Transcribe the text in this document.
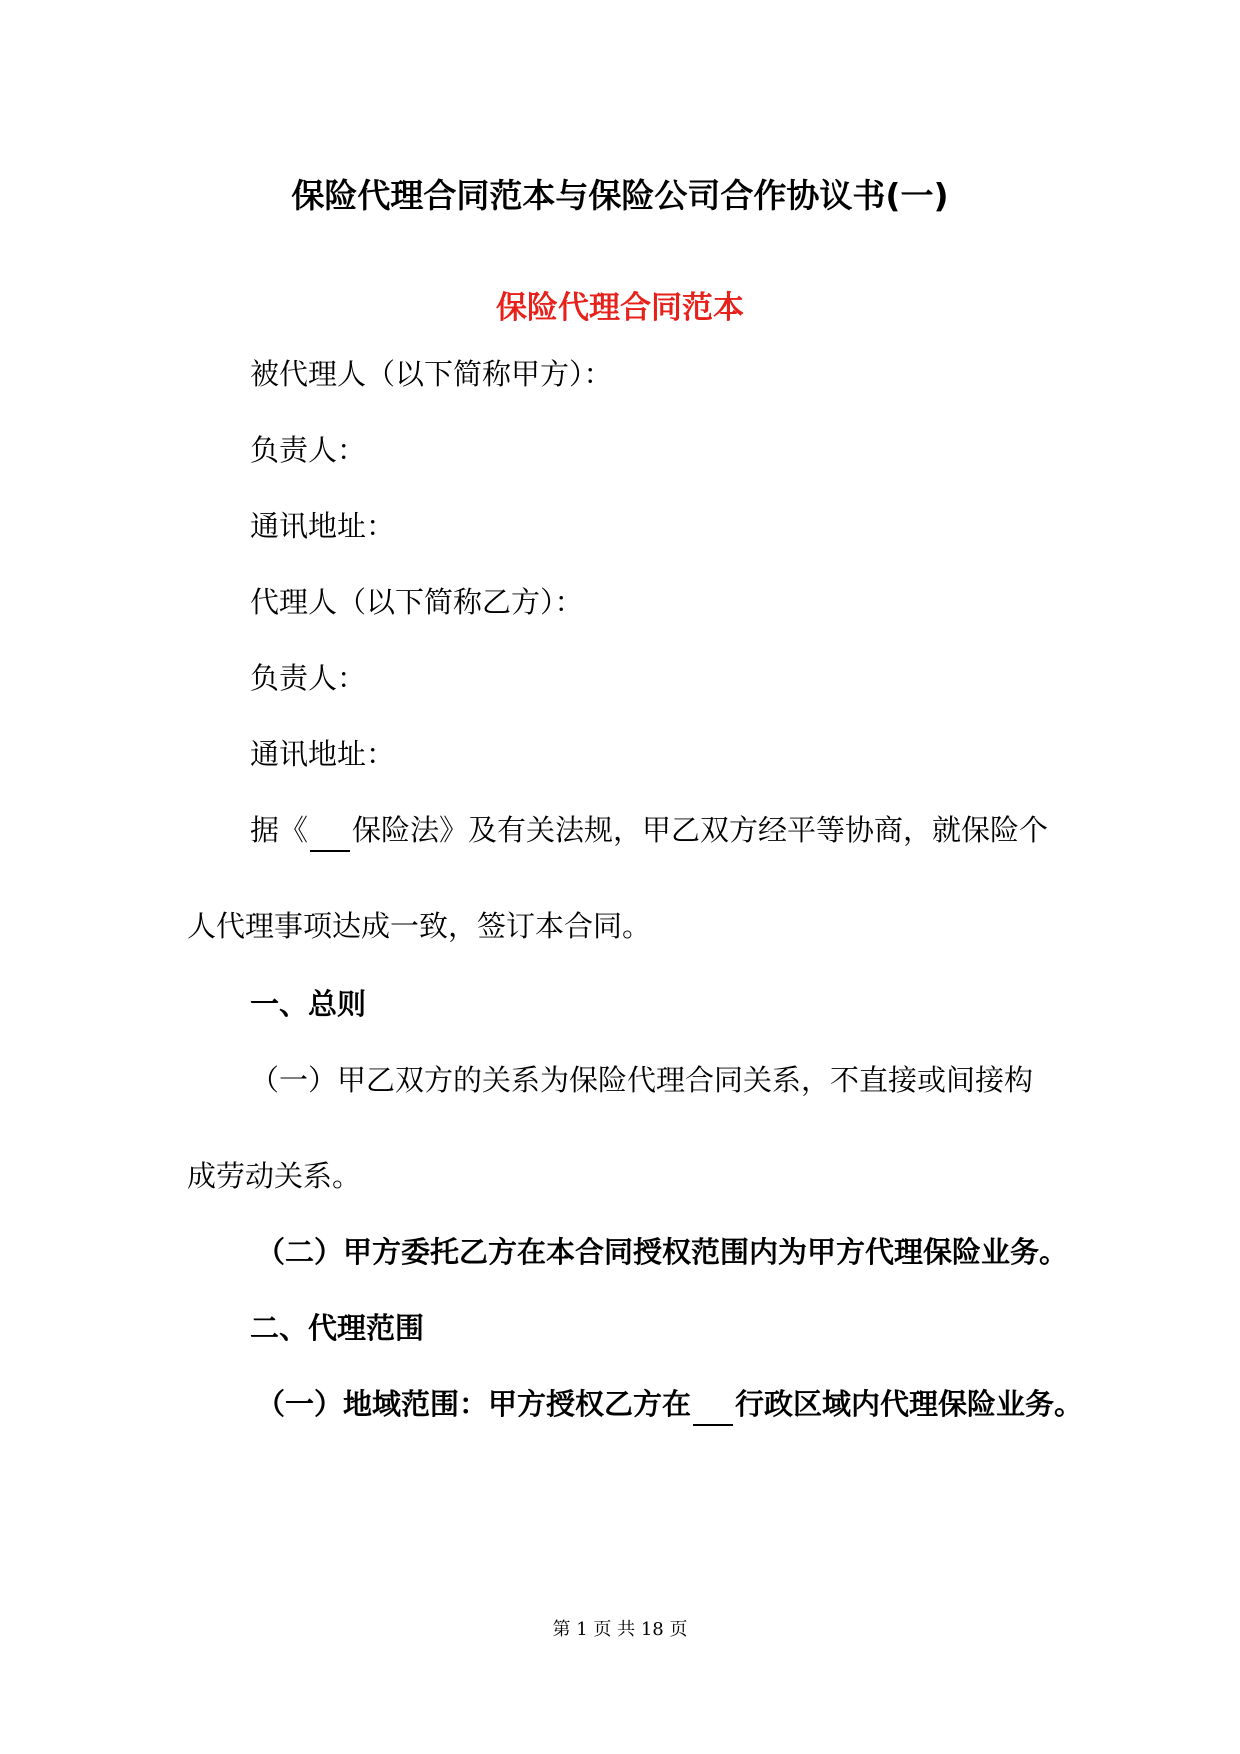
保险代理合同范本与保险公司合作协议书(一)
保险代理合同范本
被代理人（以下简称甲方）：
负责人：
通讯地址：
代理人（以下简称乙方）：
负责人：
通讯地址：
据《 保险法》及有关法规，甲乙双方经平等协商，就保险个
人代理事项达成一致，签订本合同。
一、总则
（一）甲乙双方的关系为保险代理合同关系，不直接或间接构
成劳动关系。
（二）甲方委托乙方在本合同授权范围内为甲方代理保险业务。
二、代理范围
（一）地域范围：甲方授权乙方在 行政区域内代理保险业务。
第 1 页 共 18 页
